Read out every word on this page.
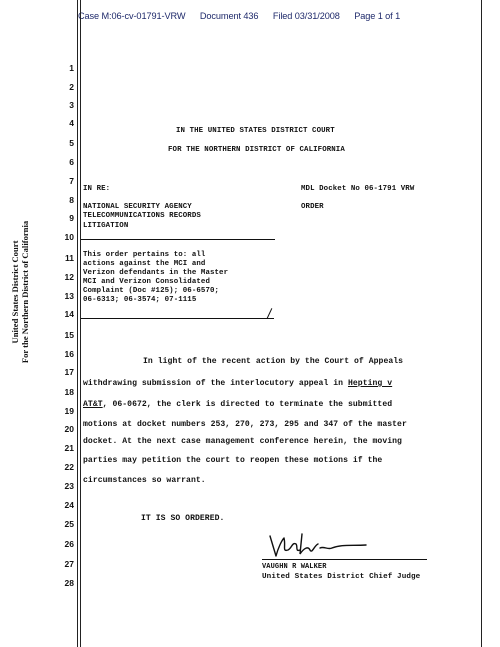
Case M:06-cv-01791-VRW Document 436 Filed 03/31/2008 Page 1 of 1
1
2
3
4
5
6
7
8
9
10
11
12
13
14
15
16
17
18
19
20
21
22
23
24
25
26
27
28
United States District Court For the Northern District of California
IN THE UNITED STATES DISTRICT COURT
FOR THE NORTHERN DISTRICT OF CALIFORNIA
IN RE:
NATIONAL SECURITY AGENCY
TELECOMMUNICATIONS RECORDS
LITIGATION
This order pertains to: all
actions against the MCI and
Verizon defendants in the Master
MCI and Verizon Consolidated
Complaint (Doc #125); 06-6570;
06-6313; 06-3574; 07-1115
MDL Docket No 06-1791 VRW
ORDER
In light of the recent action by the Court of Appeals
withdrawing submission of the interlocutory appeal in Hepting v
AT&T, 06-0672, the clerk is directed to terminate the submitted
motions at docket numbers 253, 270, 273, 295 and 347 of the master
docket. At the next case management conference herein, the moving
parties may petition the court to reopen these motions if the
circumstances so warrant.
IT IS SO ORDERED.
VAUGHN R WALKER
United States District Chief Judge
